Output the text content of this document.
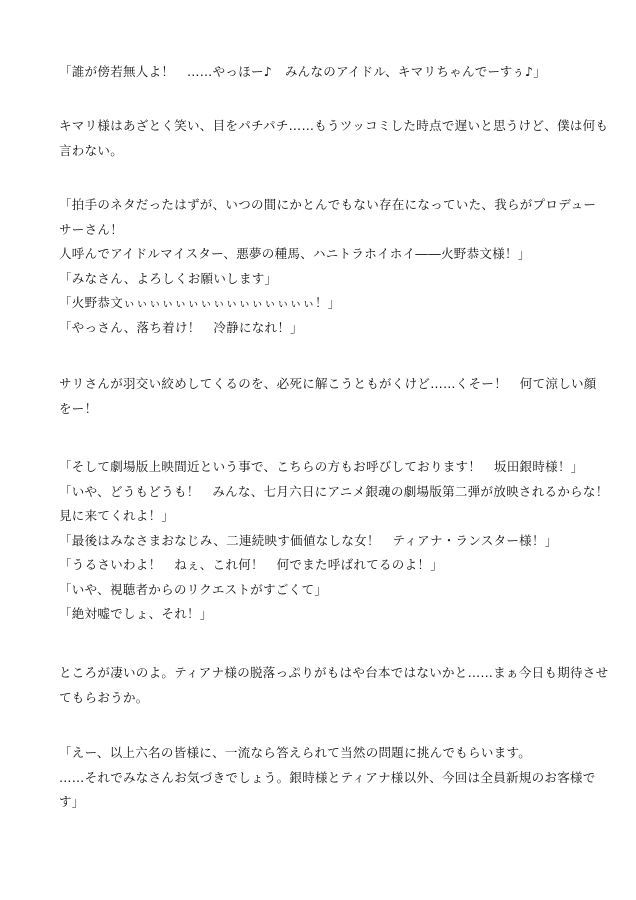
「誰が傍若無人よ！　……やっほー♪　みんなのアイドル、キマリちゃんでーすぅ♪」
キマリ様はあざとく笑い、目をパチパチ……もうツッコミした時点で遅いと思うけど、僕は何も
言わない。
「拍手のネタだったはずが、いつの間にかとんでもない存在になっていた、我らがプロデュー
サーさん！
人呼んでアイドルマイスター、悪夢の種馬、ハニトラホイホイ――火野恭文様！」
「みなさん、よろしくお願いします」
「火野恭文ぃぃぃぃぃぃぃぃぃぃぃぃぃぃぃ！」
「やっさん、落ち着け！　冷静になれ！」
サリさんが羽交い絞めしてくるのを、必死に解こうともがくけど……くそー！　何て涼しい顔
をー！
「そして劇場版上映間近という事で、こちらの方もお呼びしております！　坂田銀時様！」
「いや、どうもどうも！　みんな、七月六日にアニメ銀魂の劇場版第二弾が放映されるからな！
見に来てくれよ！」
「最後はみなさまおなじみ、二連続映す価値なしな女！　ティアナ・ランスター様！」
「うるさいわよ！　ねぇ、これ何！　何でまた呼ばれてるのよ！」
「いや、視聴者からのリクエストがすごくて」
「絶対嘘でしょ、それ！」
ところが凄いのよ。ティアナ様の脱落っぷりがもはや台本ではないかと……まぁ今日も期待させ
てもらおうか。
「えー、以上六名の皆様に、一流なら答えられて当然の問題に挑んでもらいます。
……それでみなさんお気づきでしょう。銀時様とティアナ様以外、今回は全員新規のお客様で
す」
